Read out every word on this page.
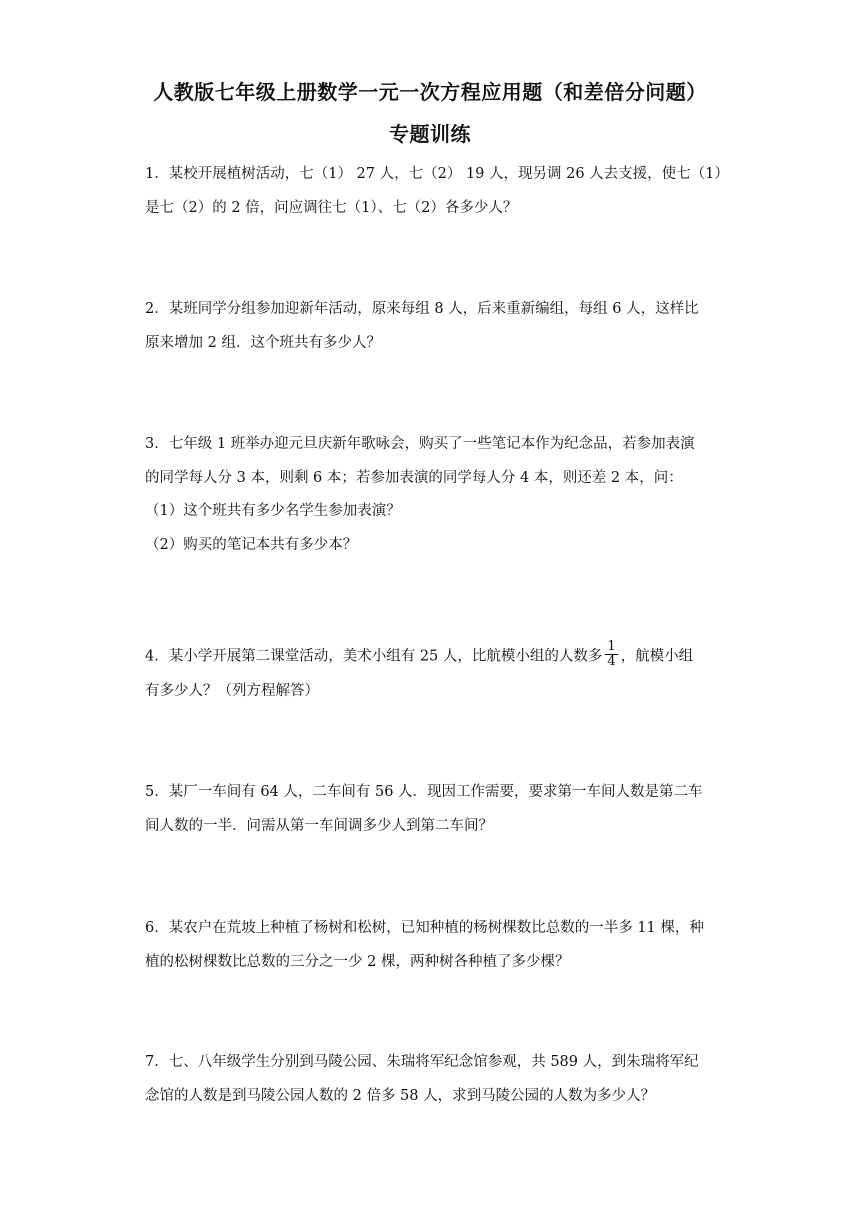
人教版七年级上册数学一元一次方程应用题（和差倍分问题）
专题训练
1．某校开展植树活动，七（1） 27 人，七（2） 19 人，现另调 26 人去支援，使七（1）
是七（2）的 2 倍，问应调往七（1）、七（2）各多少人？
2．某班同学分组参加迎新年活动，原来每组 8 人，后来重新编组，每组 6 人，这样比
原来增加 2 组．这个班共有多少人？
3．七年级 1 班举办迎元旦庆新年歌咏会，购买了一些笔记本作为纪念品，若参加表演
的同学每人分 3 本，则剩 6 本；若参加表演的同学每人分 4 本，则还差 2 本，问：
（1）这个班共有多少名学生参加表演？
（2）购买的笔记本共有多少本？
4．某小学开展第二课堂活动，美术小组有 25 人，比航模小组的人数多 $\frac{1}{4}$ ，航模小组
有多少人？（列方程解答）
5．某厂一车间有 64 人，二车间有 56 人．现因工作需要，要求第一车间人数是第二车
间人数的一半．问需从第一车间调多少人到第二车间？
6．某农户在荒坡上种植了杨树和松树，已知种植的杨树棵数比总数的一半多 11 棵，种
植的松树棵数比总数的三分之一少 2 棵，两种树各种植了多少棵？
7．七、八年级学生分别到马陵公园、朱瑞将军纪念馆参观，共 589 人，到朱瑞将军纪
念馆的人数是到马陵公园人数的 2 倍多 58 人，求到马陵公园的人数为多少人？
